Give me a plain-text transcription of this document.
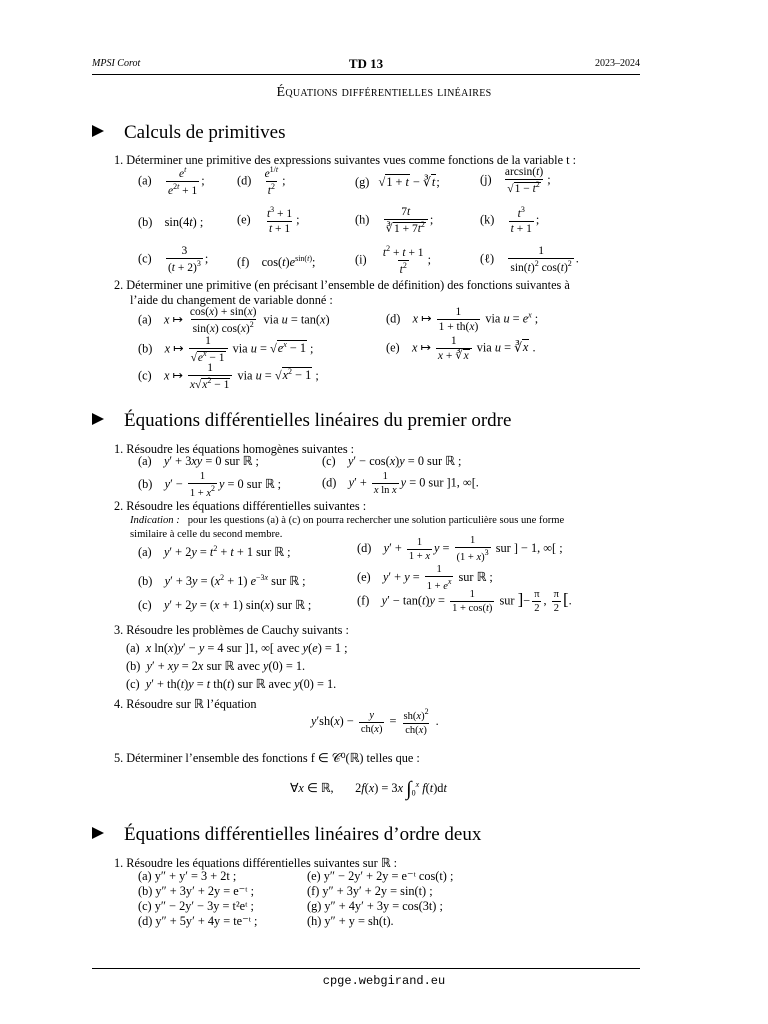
MPSI Corot	TD 13	2023–2024
Équations différentielles linéaires
Calculs de primitives
1. Déterminer une primitive des expressions suivantes vues comme fonctions de la variable t :
$(a) \frac{e^t}{e^{2t} + 1}$ ;	$(d) \frac{e^{1/t}}{t^2}$ ;	(g)   √1 + t − ∛t;	$(j) \frac{\arcsin(t)}{√1 - t^2}$ ;
(b)    sin(4t) ;	$(e) \frac{t^3 + 1}{t + 1}$ ;	$(h) \frac{7t}{∛1 + 7t^2}$ ;	$(k) \frac{t^3}{t + 1}$ ;
$(c) \frac{3}{(t + 2)^3}$ ; (f)    $\cos(t)e^{sin(t)}$;	$(i) \frac{t^2 + t + 1}{t^2}$ ;	(ℓ) $\frac{1}{\sin(t)^2 \cos(t)^2}$ .
2. Déterminer une primitive (en précisant l’ensemble de définition) des fonctions suivantes à
l’aide du changement de variable donné :
(a)    x ↦ $\frac{\cos(x) + \sin(x)}{\sin(x) \cos(x)^2}$ via u = tan(x)	(d)    x ↦ $\frac{1}{1 + th(x)}$ via $u = e^x$ ;
(b)    x ↦ $\frac{1}{√e^x - 1}$ via $u = √e^x - 1$ ;	(e)    x ↦ $\frac{1}{x + ∛x}$ via u = ∛x .
(c)    x ↦ $\frac{1}{x√x^2 - 1}$ via $u = √x^2 - 1$ ;
Équations différentielles linéaires du premier ordre
1. Résoudre les équations homogènes suivantes :
(a)    y′ + 3xy = 0 sur ℝ ;	(c)    y′ − cos(x)y = 0 sur ℝ ;
(b)    $y' - \frac{1}{1 + x^2}$ y = 0 sur ℝ ;	(d)    $y' + \frac{1}{\text{x ln x}}$ y = 0 sur ]1, ∞[.
2. Résoudre les équations différentielles suivantes :
Indication : pour les questions (a) à (c) on pourra rechercher une solution particulière sous une forme
similaire à celle du second membre.
(a)    $y' + 2y = t^2 + t + 1$ sur ℝ ;	(d)    $y' + \frac{1}{1 + x}$ $y = \frac{1}{(1 + x)^3}$ sur ] − 1, ∞[ ;
(b)    $y' + 3y = (x^2 + 1)$ $e^{-3x}$ sur ℝ ;	(e)    $y' + y = \frac{1}{1 + e^x}$ sur ℝ ;
(c)    y′ + 2y = (x + 1) sin(x) sur ℝ ;	(f)    $y' - \tan(t)y = \frac{1}{1 + \cos(t)}$ sur ]− $\frac{\pi}{2}$ , $\frac{\pi}{2}$ [.
3. Résoudre les problèmes de Cauchy suivants :
(a)  x ln(x)y′ − y = 4 sur ]1, ∞[ avec y(e) = 1 ;
(b)  y′ + xy = 2x sur ℝ avec y(0) = 1.
(c)  y′ + th(t)y = t th(t) sur ℝ avec y(0) = 1.
4. Résoudre sur ℝ l’équation
$y'sh(x) - \frac{y}{ch(x)} = \frac{sh(x)^2}{ch(x)}$ .
5. Déterminer l’ensemble des fonctions f ∈ 𝒞⁰(ℝ) telles que :
∀x ∈ ℝ,       2f(x) = 3x $\int_0^x$ f(t)dt
Équations différentielles linéaires d’ordre deux
1. Résoudre les équations différentielles suivantes sur ℝ :
(a) y″ + y′ = 3 + 2t ;
(b) y″ + 3y′ + 2y = e⁻ᵗ ;
(c) y″ − 2y′ − 3y = t²eᵗ ;
(d) y″ + 5y′ + 4y = te⁻ᵗ ;
(e) y″ − 2y′ + 2y = e⁻ᵗ cos(t) ;
(f) y″ + 3y′ + 2y = sin(t) ;
(g) y″ + 4y′ + 3y = cos(3t) ;
(h) y″ + y = sh(t).
cpge.webgirand.eu
